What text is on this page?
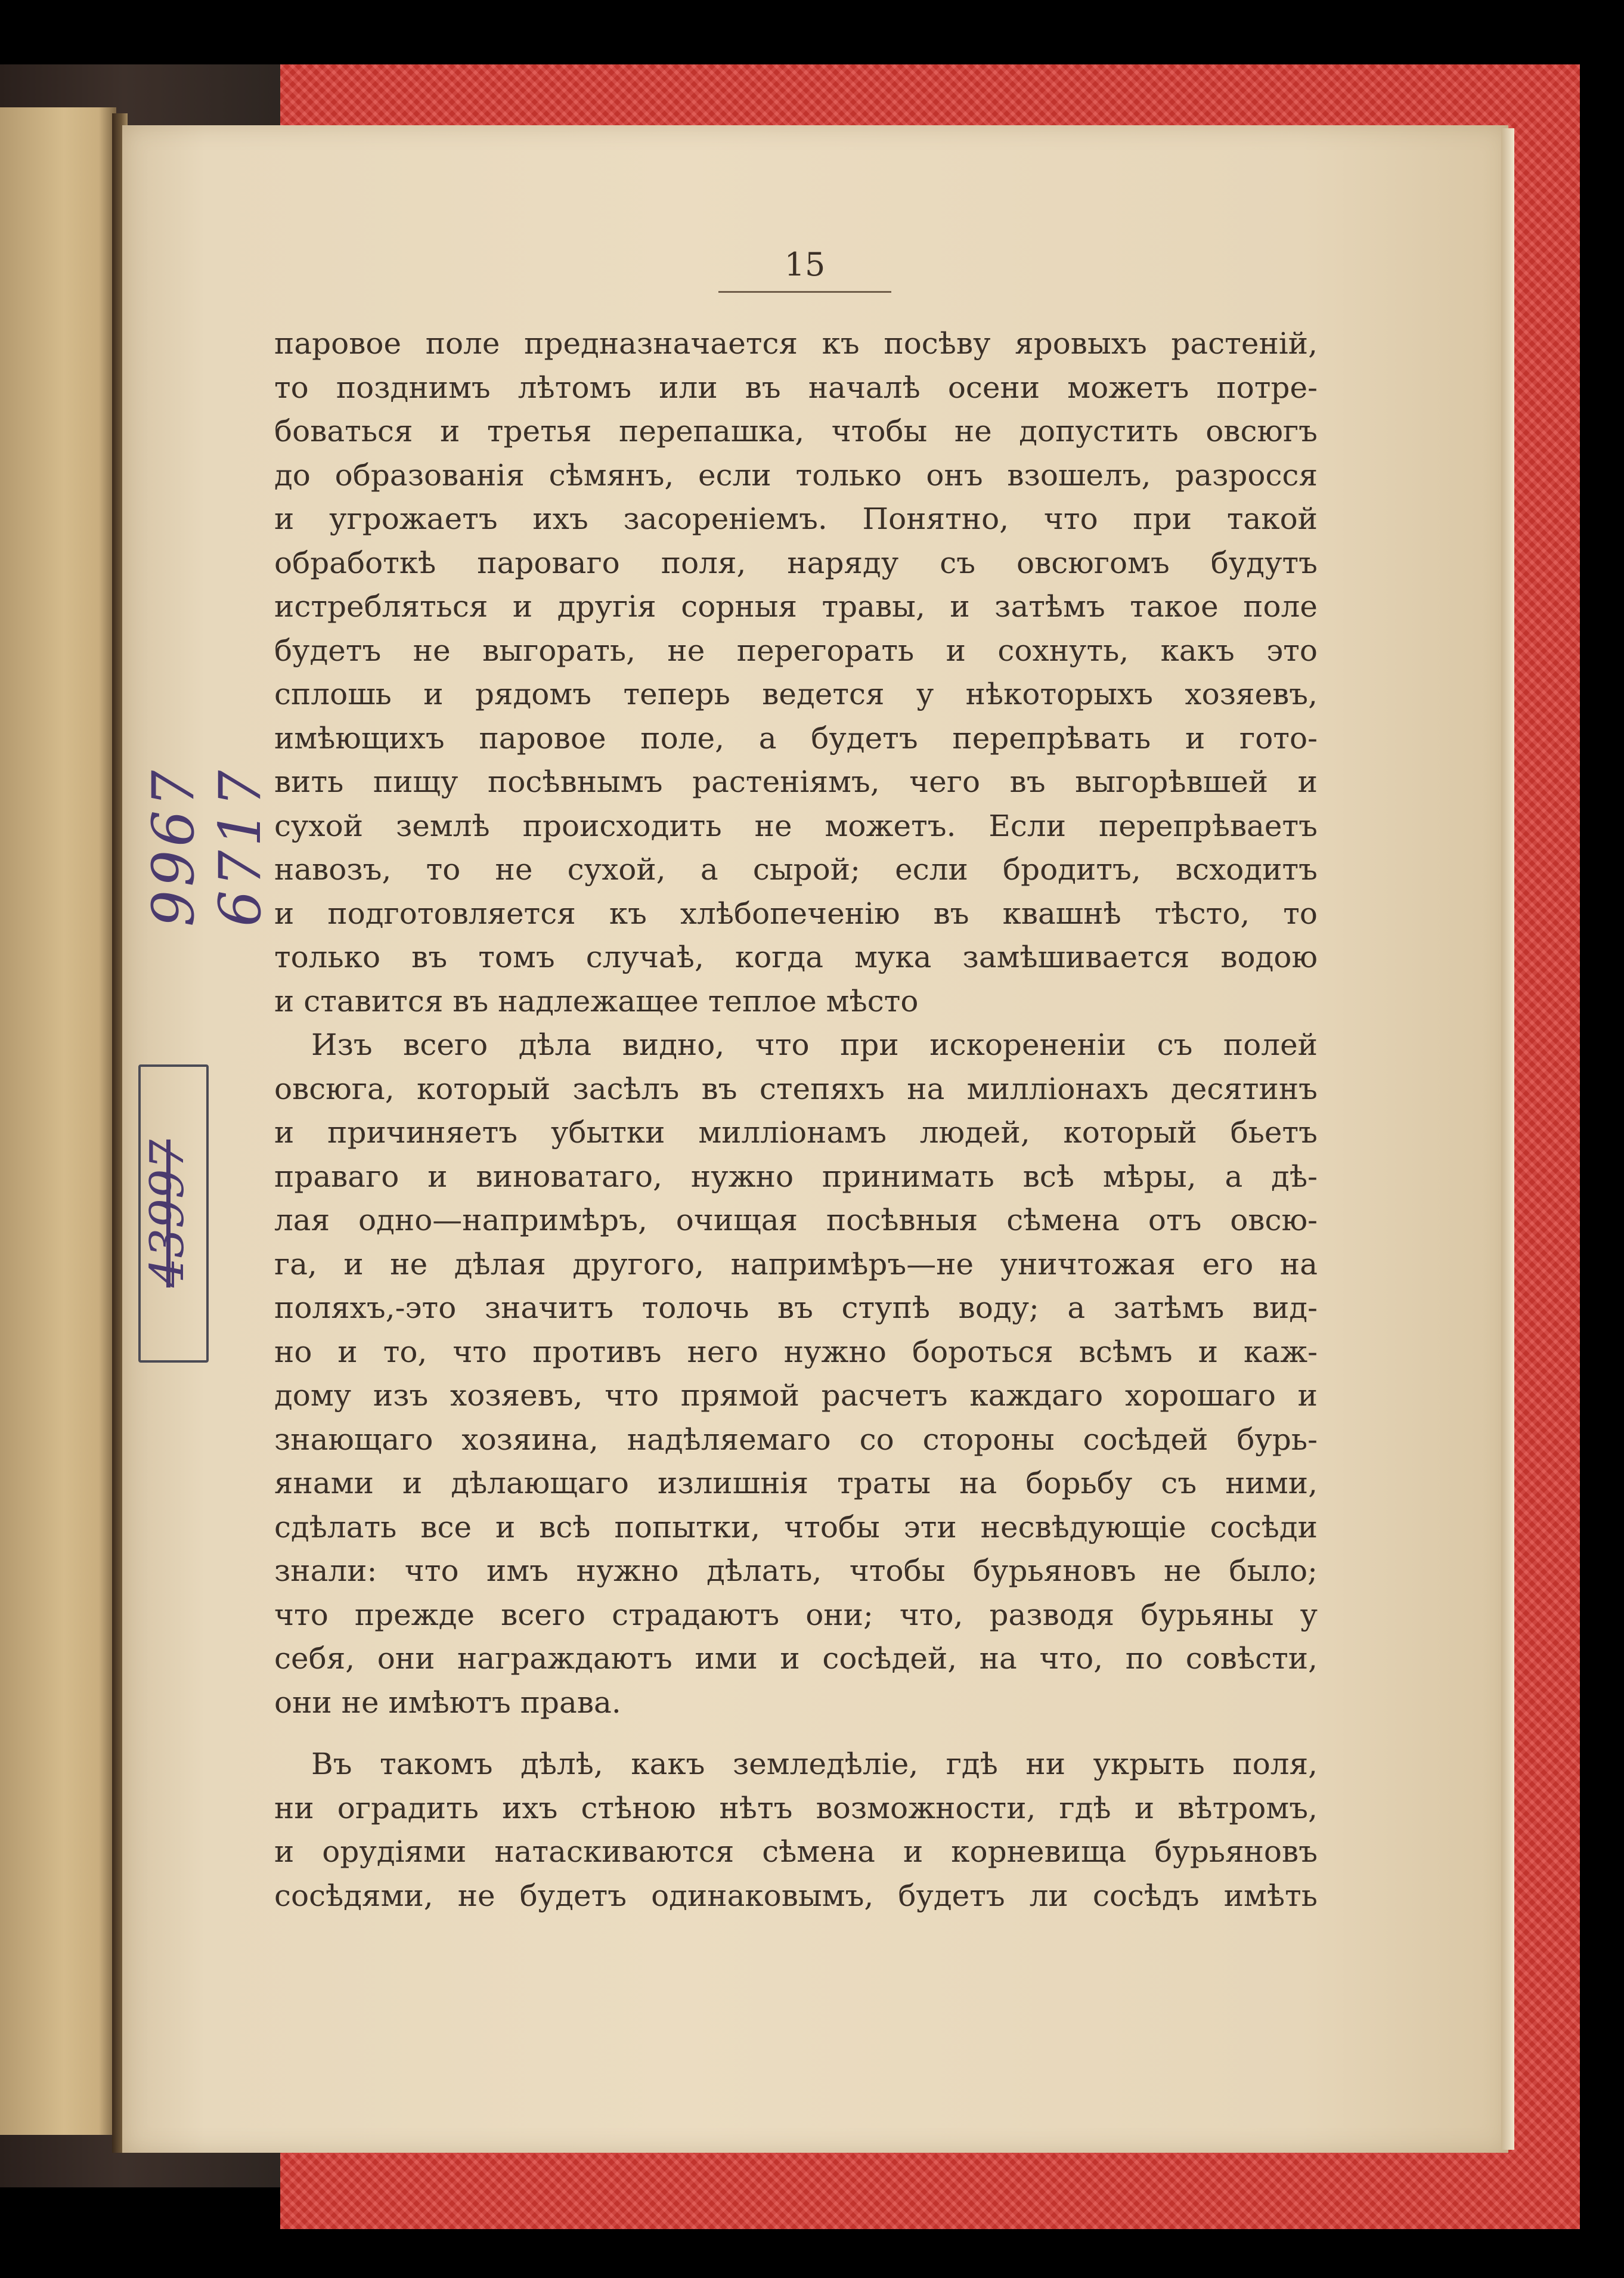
15
паровое поле предназначается къ посѣву яровыхъ растеній,
то позднимъ лѣтомъ или въ началѣ осени можетъ потре-
боваться и третья перепашка, чтобы не допустить овсюгъ
до образованія сѣмянъ, если только онъ взошелъ, разросся
и угрожаетъ ихъ засореніемъ. Понятно, что при такой
обработкѣ пароваго поля, наряду съ овсюгомъ будутъ
истребляться и другія сорныя травы, и затѣмъ такое поле
будетъ не выгорать, не перегорать и сохнуть, какъ это
сплошь и рядомъ теперь ведется у нѣкоторыхъ хозяевъ,
имѣющихъ паровое поле, а будетъ перепрѣвать и гото-
вить пищу посѣвнымъ растеніямъ, чего въ выгорѣвшей и
сухой землѣ происходить не можетъ. Если перепрѣваетъ
навозъ, то не сухой, а сырой; если бродитъ, всходитъ
и подготовляется къ хлѣбопеченію въ квашнѣ тѣсто, то
только въ томъ случаѣ, когда мука замѣшивается водою
и ставится въ надлежащее теплое мѣсто
Изъ всего дѣла видно, что при искорененіи съ полей
овсюга, который засѣлъ въ степяхъ на милліонахъ десятинъ
и причиняетъ убытки милліонамъ людей, который бьетъ
праваго и виноватаго, нужно принимать всѣ мѣры, а дѣ-
лая одно—напримѣръ, очищая посѣвныя сѣмена отъ овсю-
га, и не дѣлая другого, напримѣръ—не уничтожая его на
поляхъ,-это значитъ толочь въ ступѣ воду; а затѣмъ вид-
но и то, что противъ него нужно бороться всѣмъ и каж-
дому изъ хозяевъ, что прямой расчетъ каждаго хорошаго и
знающаго хозяина, надѣляемаго со стороны сосѣдей бурь-
янами и дѣлающаго излишнія траты на борьбу съ ними,
сдѣлать все и всѣ попытки, чтобы эти несвѣдующіе сосѣди
знали: что имъ нужно дѣлать, чтобы бурьяновъ не было;
что прежде всего страдаютъ они; что, разводя бурьяны у
себя, они награждаютъ ими и сосѣдей, на что, по совѣсти,
они не имѣютъ права.
Въ такомъ дѣлѣ, какъ земледѣліе, гдѣ ни укрыть поля,
ни оградить ихъ стѣною нѣтъ возможности, гдѣ и вѣтромъ,
и орудіями натаскиваются сѣмена и корневища бурьяновъ
сосѣдями, не будетъ одинаковымъ, будетъ ли сосѣдъ имѣть
9967 6717
43997
